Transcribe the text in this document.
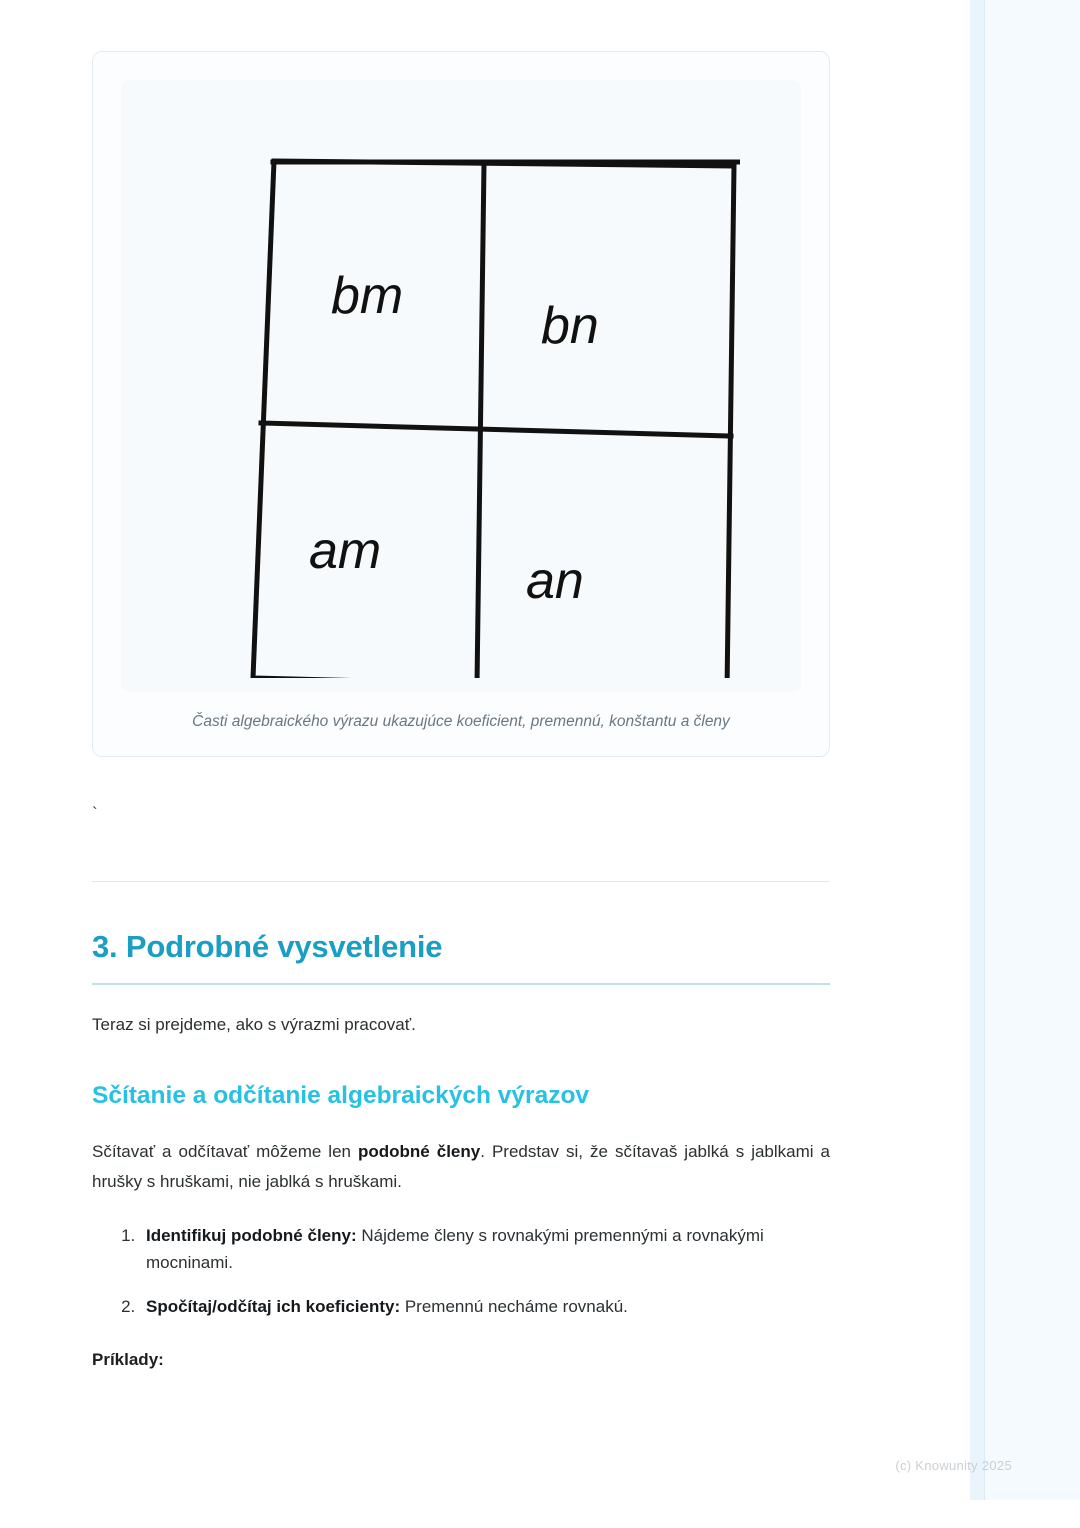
bm
bn
am
an
Časti algebraického výrazu ukazujúce koeficient, premennú, konštantu a členy
`
3. Podrobné vysvetlenie

Teraz si prejdeme, ako s výrazmi pracovať.

Sčítanie a odčítanie algebraických výrazov

Sčítavať a odčítavať môžeme len podobné členy. Predstav si, že sčítavaš jablká s jablkami a hrušky s hruškami, nie jablká s hruškami.

1. Identifikuj podobné členy: Nájdeme členy s rovnakými premennými a rovnakými mocninami.
2. Spočítaj/odčítaj ich koeficienty: Premennú necháme rovnakú.

Príklady:

(c) Knowunity 2025
